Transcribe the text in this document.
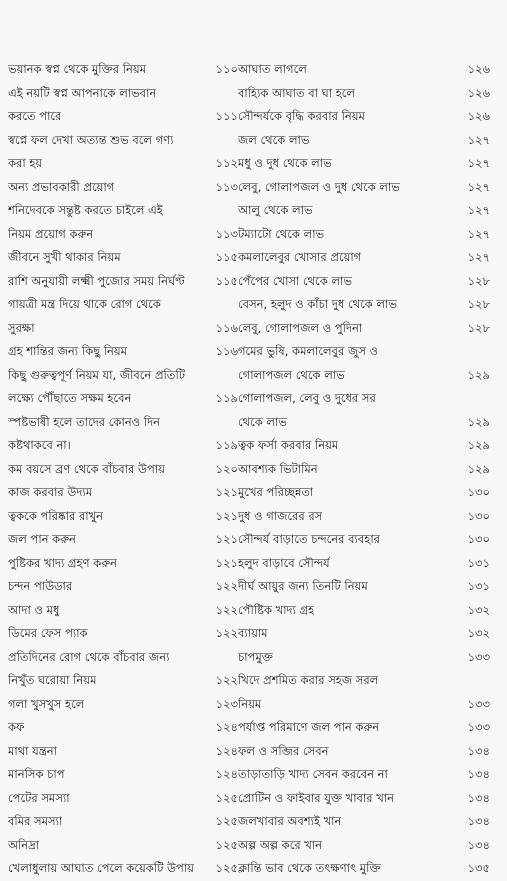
ভয়ানক স্বপ্ন থেকে মুক্তির নিয়ম	১১০
এই নয়টি স্বপ্ন আপনাকে লাভবান
করতে পারে	১১১
স্বপ্নে ফল দেখা অত্যন্ত শুভ বলে গণ্য
করা হয়	১১২
অন্য প্রভাবকারী প্রয়োগ	১১৩
শনিদেবকে সন্তুষ্ট করতে চাইলে এই
নিয়ম প্রয়োগ করুন	১১৩
জীবনে সুখী থাকার নিয়ম	১১৫
রাশি অনুযায়ী লক্ষ্মী পুজোর সময় নির্ঘণ্ট	১১৫
গায়ত্রী মন্ত্র দিয়ে থাকে রোগ থেকে
সুরক্ষা	১১৬
গ্রহ শান্তির জন্য কিছু নিয়ম	১১৬
কিছু গুরুত্বপূর্ণ নিয়ম যা, জীবনে প্রতিটি
লক্ষ্যে পৌঁছাতে সক্ষম হবেন	১১৯
স্পষ্টভাষী হলে তাদের কোনও দিন
কষ্টথাকবে না।	১১৯
কম বয়সে ব্রণ থেকে বাঁচবার উপায়	১২০
কাজ করবার উদ্যম	১২১
ত্বককে পরিষ্কার রাখুন	১২১
জল পান করুন	১২১
পুষ্টিকর খাদ্য গ্রহণ করুন	১২১
চন্দন পাউডার	১২২
আদা ও মধু	১২২
ডিমের ফেস প্যাক	১২২
প্রতিদিনের রোগ থেকে বাঁচবার জন্য
নিখুঁত ঘরোয়া নিয়ম	১২২
গলা খুসখুস হলে	১২৩
কফ	১২৪
মাথা যন্ত্রনা	১২৪
মানসিক চাপ	১২৪
পেটের সমস্যা	১২৫
বমির সমস্যা	১২৫
অনিদ্রা	১২৫
খেলাধুলায় আঘাত পেলে কয়েকটি উপায়	১২৫
আঘাত লাগলে	১২৬
বাহ্যিক আঘাত বা ঘা হলে	১২৬
সৌন্দর্যকে বৃদ্ধি করবার নিয়ম	১২৬
জল থেকে লাভ	১২৭
মধু ও দুধ থেকে লাভ	১২৭
লেবু, গোলাপজল ও দুধ থেকে লাভ	১২৭
আলু থেকে লাভ	১২৭
টম্যাটো থেকে লাভ	১২৭
কমলালেবুর খোসার প্রয়োগ	১২৭
পেঁপের খোসা থেকে লাভ	১২৮
বেসন, হলুদ ও কাঁচা দুধ থেকে লাভ	১২৮
লেবু, গোলাপজল ও পুদিনা	১২৮
গমের ভুষি, কমলালেবুর জুস ও
গোলাপজল থেকে লাভ	১২৯
গোলাপজল, লেবু ও দুধের সর
থেকে লাভ	১২৯
ত্বক ফর্সা করবার নিয়ম	১২৯
আবশ্যক ভিটামিন	১২৯
মুখের পরিচ্ছন্নতা	১৩০
দুধ ও গাজরের রস	১৩০
সৌন্দর্য বাড়াতে চন্দনের ব্যবহার	১৩০
হলুদ বাড়াবে সৌন্দর্য	১৩১
দীর্ঘ আয়ুর জন্য তিনটি নিয়ম	১৩১
পৌষ্টিক খাদ্য গ্রহ	১৩২
ব্যায়াম	১৩২
চাপমুক্ত	১৩৩
খিদে প্রশমিত করার সহজ সরল
নিয়ম	১৩৩
পর্যাপ্ত পরিমাণে জল পান করুন	১৩৩
ফল ও সব্জির সেবন	১৩৪
তাড়াতাড়ি খাদ্য সেবন করবেন না	১৩৪
প্রোটিন ও ফাইবার যুক্ত খাবার খান	১৩৪
জলখাবার অবশ্যই খান	১৩৪
অল্প অল্প করে খান	১৩৪
ক্লান্তি ভাব থেকে তৎক্ষণাৎ মুক্তি	১৩৫
